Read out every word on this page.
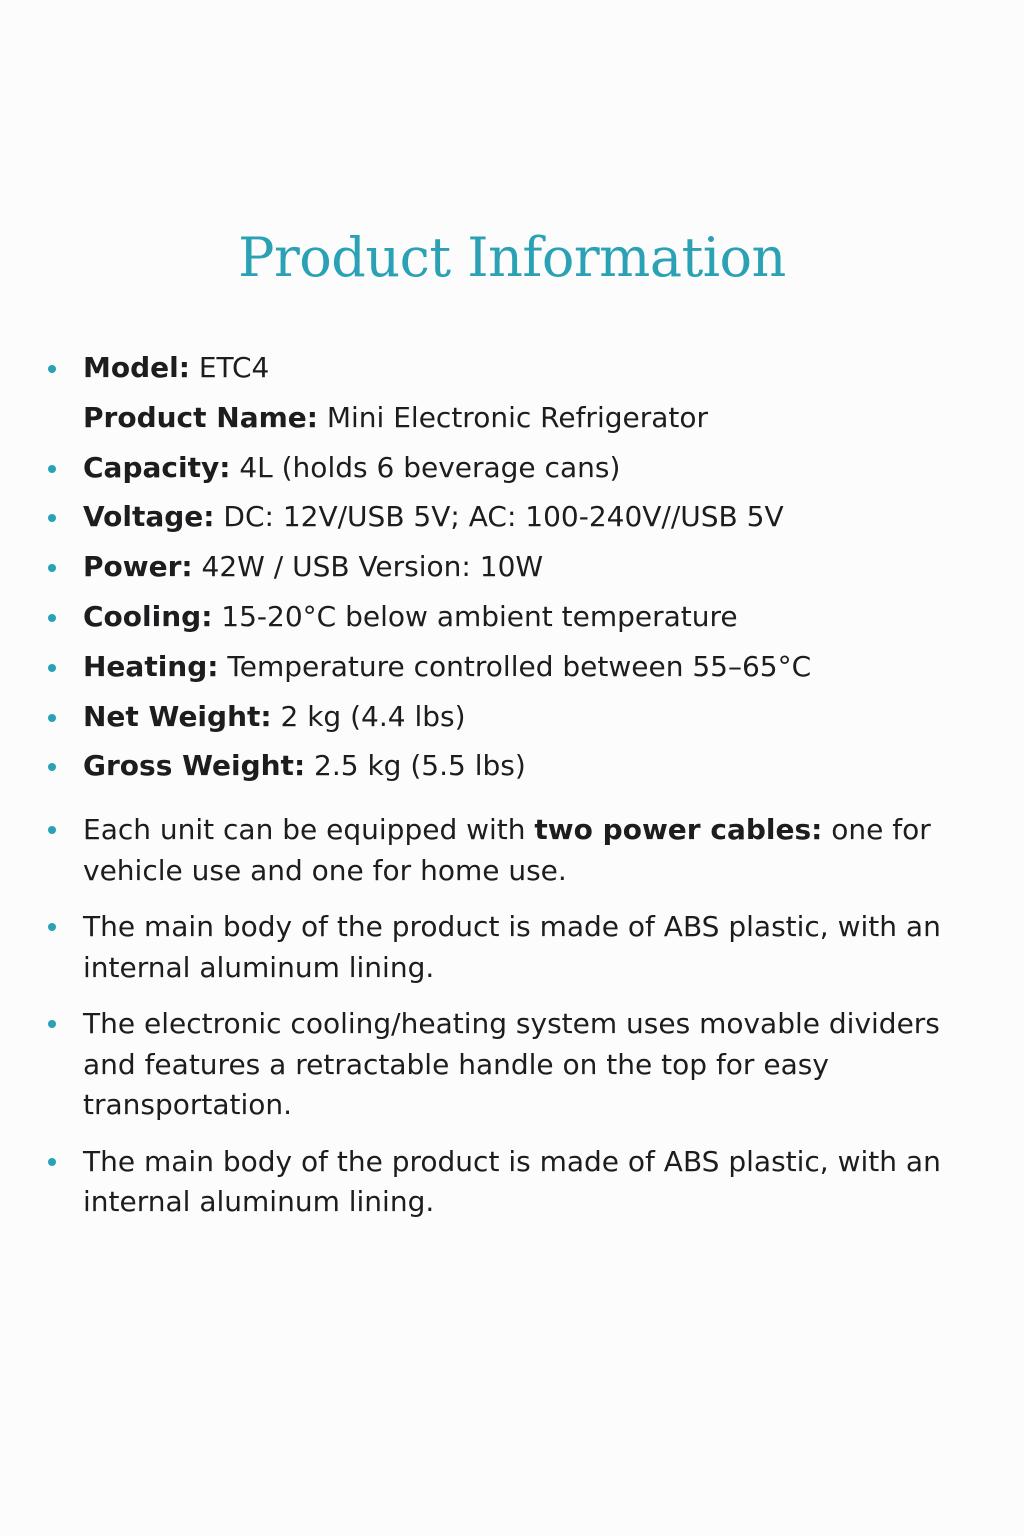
Product Information
Model: ETC4
Product Name: Mini Electronic Refrigerator
Capacity: 4L (holds 6 beverage cans)
Voltage: DC: 12V/USB 5V; AC: 100-240V//USB 5V
Power: 42W / USB Version: 10W
Cooling: 15-20°C below ambient temperature
Heating: Temperature controlled between 55–65°C
Net Weight: 2 kg (4.4 lbs)
Gross Weight: 2.5 kg (5.5 lbs)
Each unit can be equipped with two power cables: one for vehicle use and one for home use.
The main body of the product is made of ABS plastic, with an internal aluminum lining.
The electronic cooling/heating system uses movable dividers and features a retractable handle on the top for easy transportation.
The main body of the product is made of ABS plastic, with an internal aluminum lining.
